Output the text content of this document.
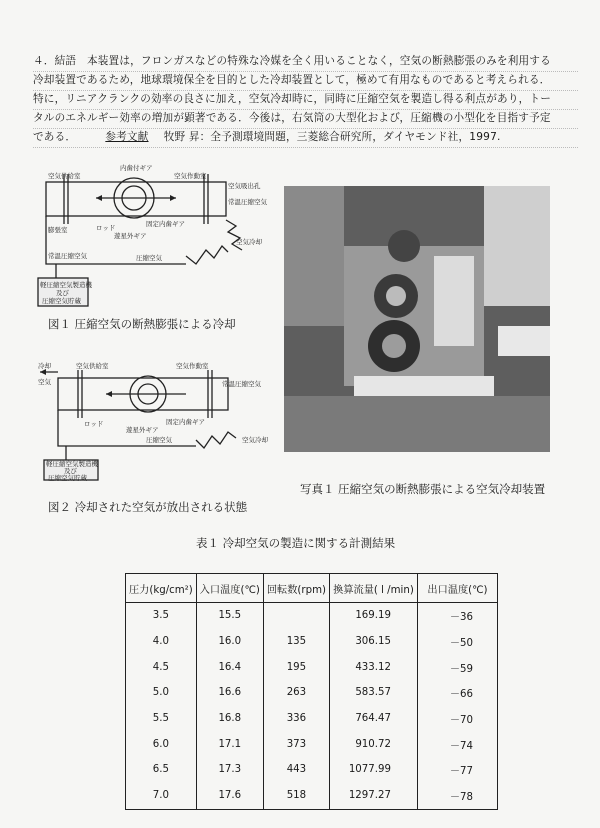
４．結語　本装置は，フロンガスなどの特殊な冷媒を全く用いることなく，空気の断熱膨張のみを利用する
冷却装置であるため，地球環境保全を目的とした冷却装置として，極めて有用なものであると考えられる．
特に，リニアクランクの効率の良さに加え，空気冷却時に，同時に圧縮空気を製造し得る利点があり，トー
タルのエネルギー効率の増加が顕著である．今後は，右気筒の大型化および，圧縮機の小型化を目指す予定
である．	参考文献 牧野 昇：全予測環境問題，三菱総合研究所，ダイヤモンド社，1997.
空気供給室
内歯付ギア
空気作動室
空気吸出孔
常温圧縮空気
膨張室	ロッド	固定内歯ギア
遊星外ギア
空気冷却
常温圧縮空気	圧縮空気
軽圧縮空気製造機
及び
圧縮空気貯蔵
図１ 圧縮空気の断熱膨張による冷却
写真１ 圧縮空気の断熱膨張による空気冷却装置
冷却
空気
空気供給室	空気作動室
常温圧縮空気
ロッド	固定内歯ギア
遊星外ギア
圧縮空気	空気冷却
軽圧縮空気製造機
及び
圧縮空気貯蔵
図２ 冷却された空気が放出される状態
表１ 冷却空気の製造に関する計測結果
圧力(kg/cm²)	入口温度(℃)	回転数(rpm)	換算流量( l /min)	出口温度(℃)
3.5	15.5		169.19	－36
4.0	16.0	135	306.15	－50
4.5	16.4	195	433.12	－59
5.0	16.6	263	583.57	－66
5.5	16.8	336	764.47	－70
6.0	17.1	373	910.72	－74
6.5	17.3	443	1077.99	－77
7.0	17.6	518	1297.27	－78
